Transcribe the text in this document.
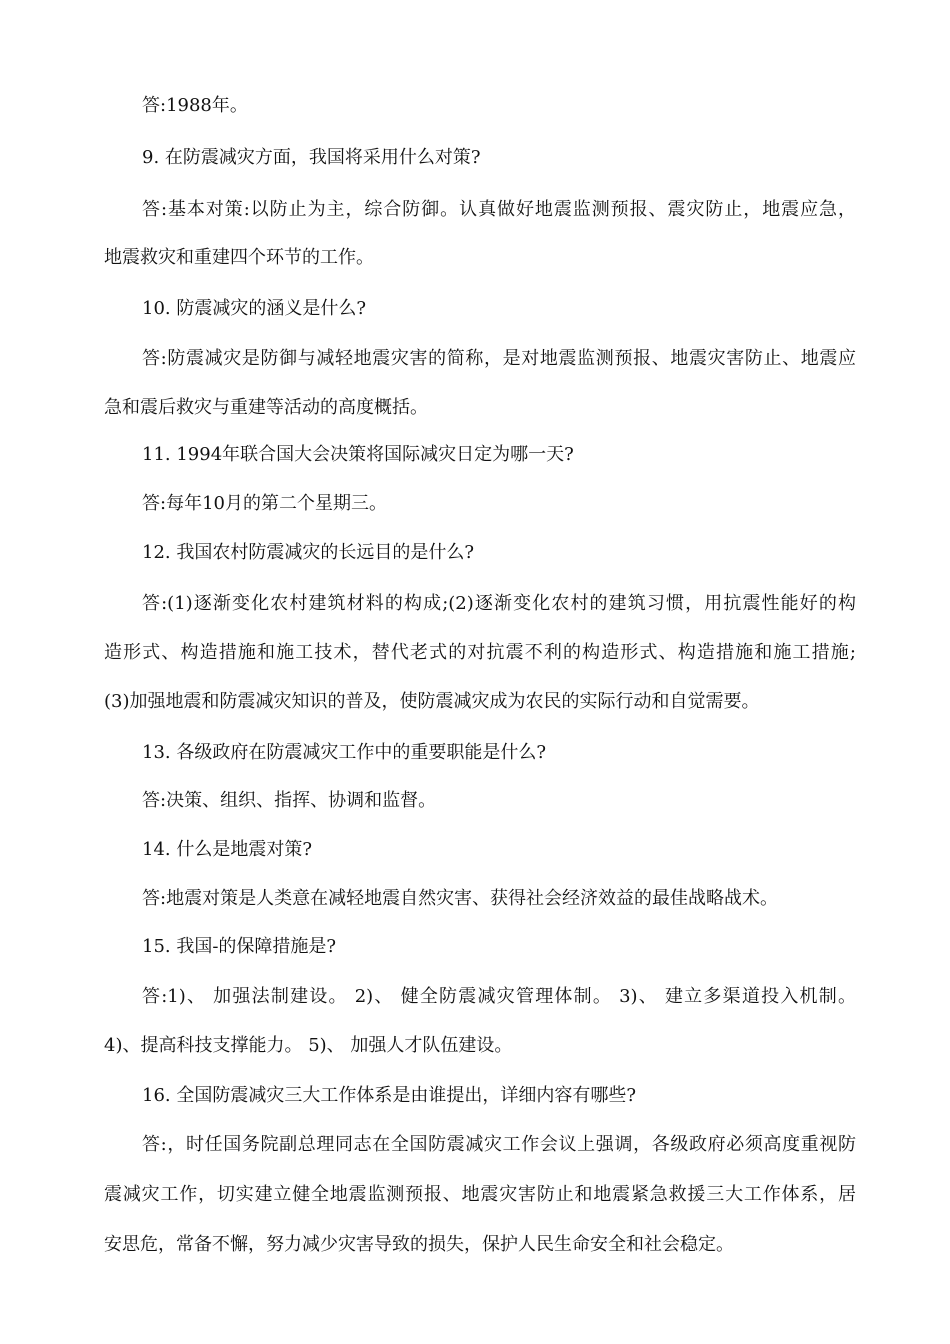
答:1988年。
9. 在防震减灾方面，我国将采用什么对策?
答:基本对策:以防止为主，综合防御。认真做好地震监测预报、震灾防止，地震应急，
地震救灾和重建四个环节的工作。
10. 防震减灾的涵义是什么?
答:防震减灾是防御与减轻地震灾害的简称，是对地震监测预报、地震灾害防止、地震应
急和震后救灾与重建等活动的高度概括。
11. 1994年联合国大会决策将国际减灾日定为哪一天?
答:每年10月的第二个星期三。
12. 我国农村防震减灾的长远目的是什么?
答:(1)逐渐变化农村建筑材料的构成;(2)逐渐变化农村的建筑习惯，用抗震性能好的构
造形式、构造措施和施工技术，替代老式的对抗震不利的构造形式、构造措施和施工措施;
(3)加强地震和防震减灾知识的普及，使防震减灾成为农民的实际行动和自觉需要。
13. 各级政府在防震减灾工作中的重要职能是什么?
答:决策、组织、指挥、协调和监督。
14. 什么是地震对策?
答:地震对策是人类意在减轻地震自然灾害、获得社会经济效益的最佳战略战术。
15. 我国-的保障措施是?
答:1)、 加强法制建设。 2)、 健全防震减灾管理体制。 3)、 建立多渠道投入机制。
4)、提高科技支撑能力。 5)、 加强人才队伍建设。
16. 全国防震减灾三大工作体系是由谁提出，详细内容有哪些?
答:，时任国务院副总理同志在全国防震减灾工作会议上强调，各级政府必须高度重视防
震减灾工作，切实建立健全地震监测预报、地震灾害防止和地震紧急救援三大工作体系，居
安思危，常备不懈，努力减少灾害导致的损失，保护人民生命安全和社会稳定。
